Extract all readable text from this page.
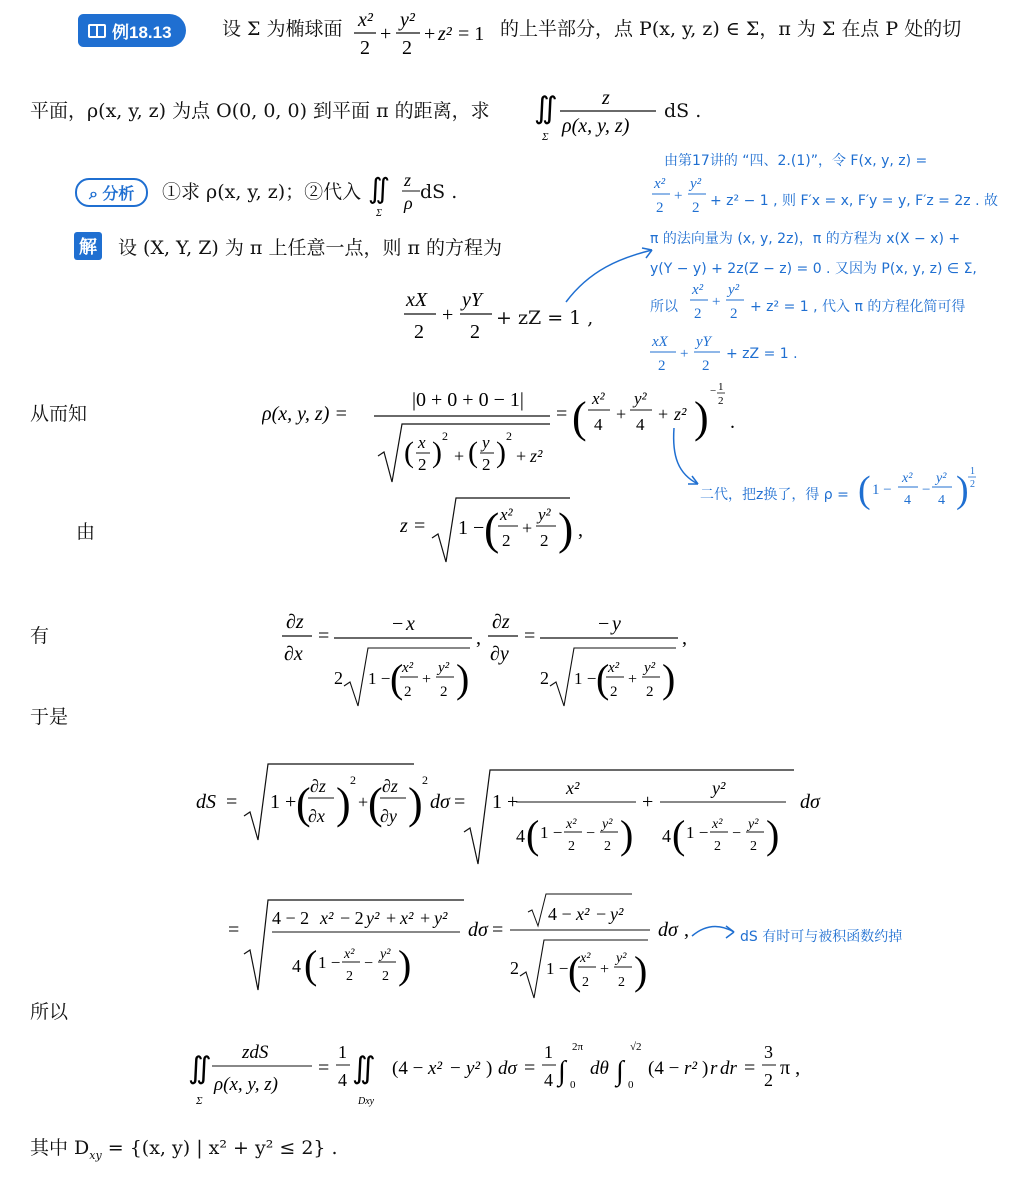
例18.13	设 Σ 为椭球面 x²
2
+
y²
2
+ z² = 1 的上半部分，点 P(x, y, z) ∈ Σ，π 为 Σ 在点 P 处的切
平面，ρ(x, y, z) 为点 O(0, 0, 0) 到平面 π 的距离，求 ∬
Σ
z
ρ(x, y, z)
dS .
⌕ 分析	①求 ρ(x, y, z)；②代入 ∬
Σ
z
ρ dS .
解 设 (X, Y, Z) 为 π 上任意一点，则 π 的方程为
xX
2
+
yY
2
+ zZ = 1 ,
由第17讲的 “四、2.(1)”，令 F(x, y, z) =
x²
2
+
y²
2 + z² − 1 , 则 F′x = x, F′y = y, F′z = 2z . 故
π 的法向量为 (x, y, 2z)，π 的方程为 x(X − x) +
y(Y − y) + 2z(Z − z) = 0 . 又因为 P(x, y, z) ∈ Σ,
所以
x²
2
+
y²
2 + z² = 1 , 代入 π 的方程化简可得
xX
2
+
yY
2
+ zZ = 1 .
从而知	ρ(x, y, z) =
|0 + 0 + 0 − 1|
( x
2 ) 2
+ ( y
2 ) 2
+ z²
= ( x²
4
+
y²
4
+ z² )
− 1
2
.
二代，把z换了，得 ρ = ( 1 −
x²
4
−
y²
4 ) 1
2
由	z = 1 − ( x²
2
+
y²
2 ) ,
有
∂z
∂x
=
− x
2 1 − (
x²
2
+
y²
2 )
,
∂z
∂y
=
− y
2 1 − (
x²
2
+
y²
2 )
,
于是
dS = 1 + ( ∂z
∂x ) 2
+ ( ∂z
∂y ) 2
dσ = 1 +
x²
4 ( 1 − x²
2
−
y²
2 )
+
y²
4 ( 1 − x²
2
−
y²
2 )
dσ
=
4 − 2 x² − 2 y² + x² + y²
4 ( 1 − x²
2
−
y²
2 )
dσ =
4 − x² − y²
2 1 − (
x²
2
+
y²
2 )
dσ ,	dS 有时可与被积函数约掉
所以
∬
Σ
zdS
ρ(x, y, z)
=
1
4 ∬
Dxy
(4 − x² − y² ) dσ =
1
4 ∫
2π
0
dθ ∫
√2
0
(4 − r² ) r dr =
3
2
π ,
其中 $D_{xy} = \{(x$, y) | x² + y² ≤ 2} .
